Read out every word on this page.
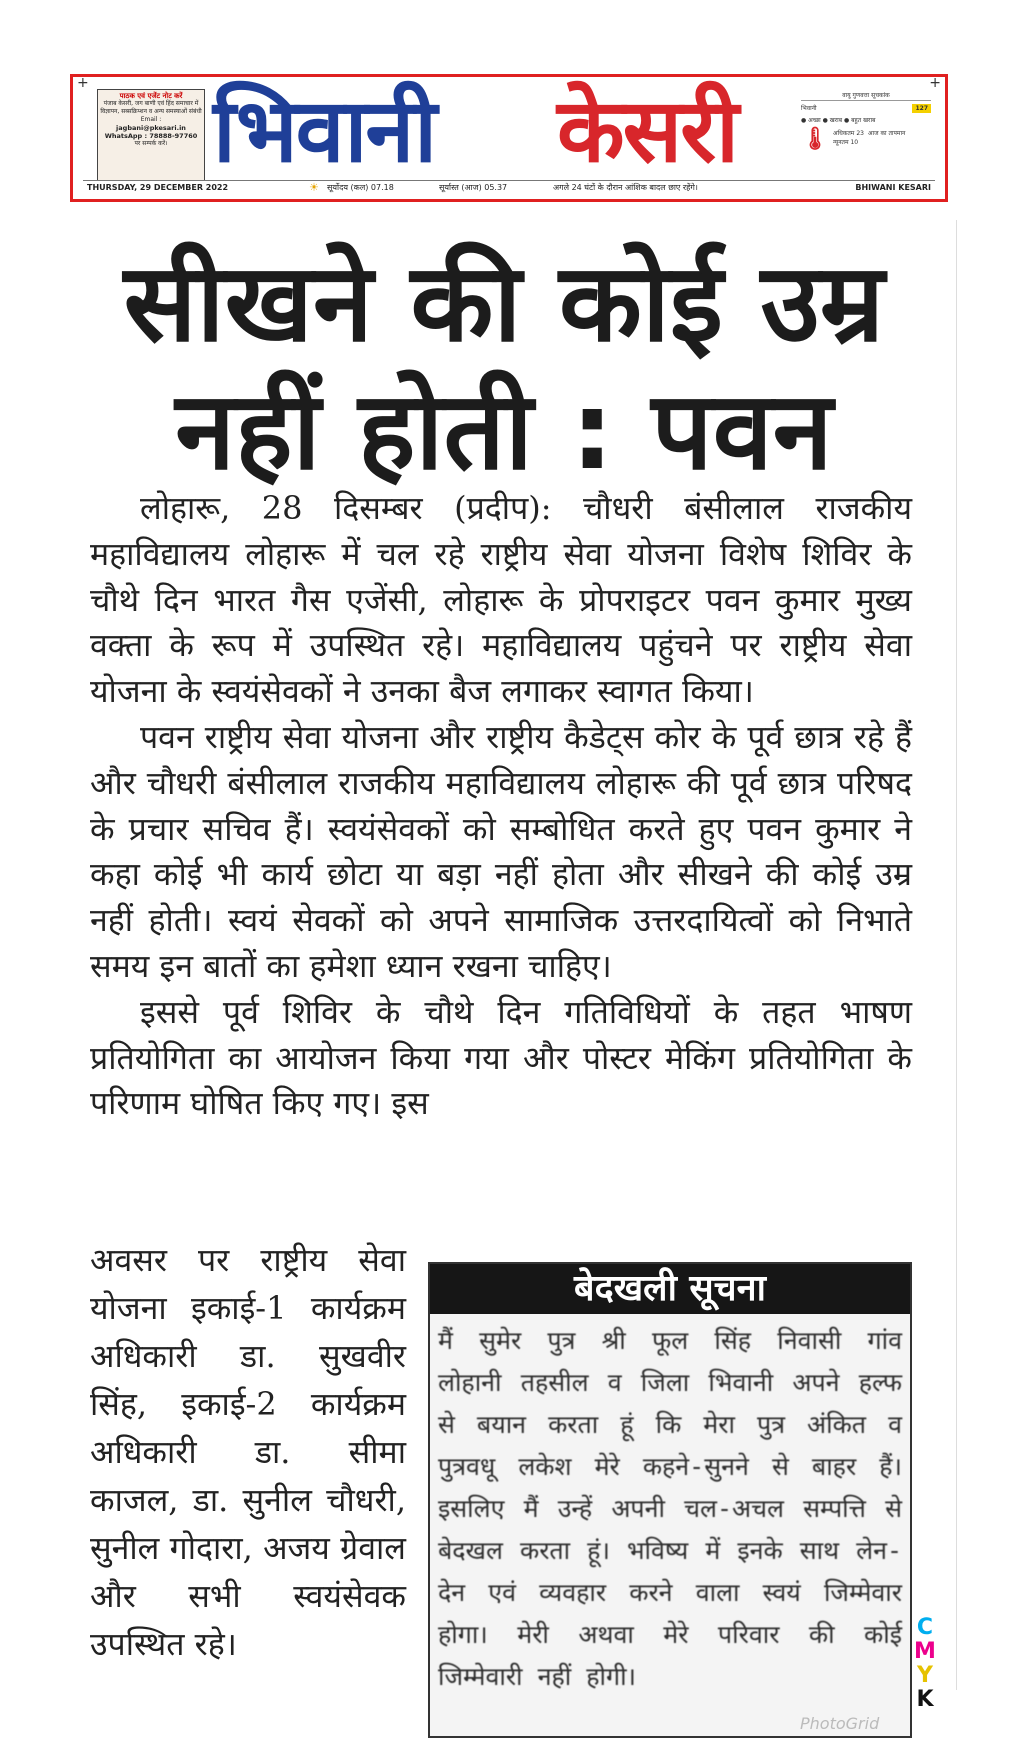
पाठक एवं एजेंट नोट करें
पंजाब केसरी, जग बाणी एवं हिंद समाचार में विज्ञापन, सब्सक्रिप्शन व अन्य समस्याओं संबंधी
Email :
jagbani@pkesari.in
WhatsApp : 78888-97760
पर सम्पर्क करें। भिवानी केसरी	वायु गुणवत्ता सूचकांक
भिवानी	127
● अच्छा ● खराब ● बहुत खराब
🌡 अधिकतम 23
न्यूनतम 10
आज का तापमान
THURSDAY, 29 DECEMBER 2022	☀ सूर्योदय (कल) 07.18	सूर्यास्त (आज) 05.37	अगले 24 घंटों के दौरान आंशिक बादल छाए रहेंगे।	BHIWANI KESARI
+	+
सीखने की कोई उम्र
नहीं होती : पवन

लोहारू, 28 दिसम्बर (प्रदीप): चौधरी बंसीलाल राजकीय महाविद्यालय लोहारू में चल रहे राष्ट्रीय सेवा योजना विशेष शिविर के चौथे दिन भारत गैस एजेंसी, लोहारू के प्रोपराइटर पवन कुमार मुख्य वक्ता के रूप में उपस्थित रहे। महाविद्यालय पहुंचने पर राष्ट्रीय सेवा योजना के स्वयंसेवकों ने उनका बैज लगाकर स्वागत किया।

पवन राष्ट्रीय सेवा योजना और राष्ट्रीय कैडेट्स कोर के पूर्व छात्र रहे हैं और चौधरी बंसीलाल राजकीय महाविद्यालय लोहारू की पूर्व छात्र परिषद के प्रचार सचिव हैं। स्वयंसेवकों को सम्बोधित करते हुए पवन कुमार ने कहा कोई भी कार्य छोटा या बड़ा नहीं होता और सीखने की कोई उम्र नहीं होती। स्वयं सेवकों को अपने सामाजिक उत्तरदायित्वों को निभाते समय इन बातों का हमेशा ध्यान रखना चाहिए।

इससे पूर्व शिविर के चौथे दिन गतिविधियों के तहत भाषण प्रतियोगिता का आयोजन किया गया और पोस्टर मेकिंग प्रतियोगिता के परिणाम घोषित किए गए। इस

अवसर पर राष्ट्रीय सेवा योजना इकाई-1 कार्यक्रम अधिकारी डा. सुखवीर सिंह, इकाई-2 कार्यक्रम अधिकारी डा. सीमा काजल, डा. सुनील चौधरी, सुनील गोदारा, अजय ग्रेवाल और सभी स्वयंसेवक उपस्थित रहे।
बेदखली सूचना
मैं सुमेर पुत्र श्री फूल सिंह निवासी गांव लोहानी तहसील व जिला भिवानी अपने हल्फ से बयान करता हूं कि मेरा पुत्र अंकित व पुत्रवधू लकेश मेरे कहने-सुनने से बाहर हैं। इसलिए मैं उन्हें अपनी चल-अचल सम्पत्ति से बेदखल करता हूं। भविष्य में इनके साथ लेन-देन एवं व्यवहार करने वाला स्वयं जिम्मेवार होगा। मेरी अथवा मेरे परिवार की कोई जिम्मेवारी नहीं होगी।
PhotoGrid
C
M
Y
K
